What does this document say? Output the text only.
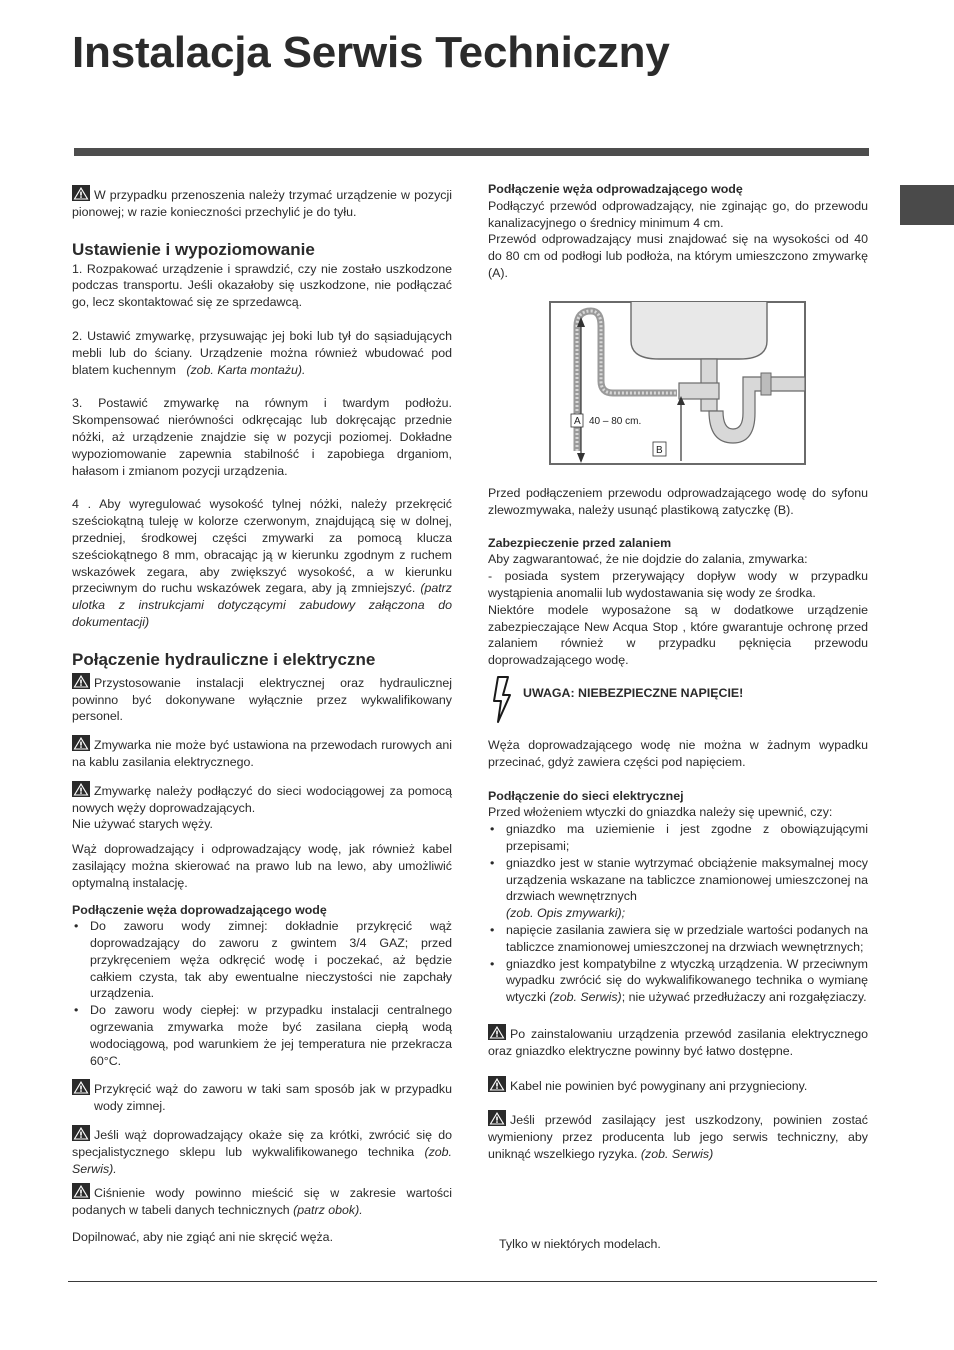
Instalacja Serwis Techniczny

W przypadku przenoszenia należy trzymać urządzenie w pozycji pionowej; w razie konieczności przechylić je do tyłu.

Ustawienie i wypoziomowanie

1. Rozpakować urządzenie i sprawdzić, czy nie zostało uszkodzone podczas transportu. Jeśli okazałoby się uszkodzone, nie podłączać go, lecz skontaktować się ze sprzedawcą.

2. Ustawić zmywarkę, przysuwając jej boki lub tył do sąsiadujących mebli lub do ściany. Urządzenie można również wbudować pod blatem kuchennym (zob. Karta montażu).

3. Postawić zmywarkę na równym i twardym podłożu. Skompensować nierówności odkręcając lub dokręcając przednie nóżki, aż urządzenie znajdzie się w pozycji poziomej. Dokładne wypoziomowanie zapewnia stabilność i zapobiega drganiom, hałasom i zmianom pozycji urządzenia.

4 . Aby wyregulować wysokość tylnej nóżki, należy przekręcić sześciokątną tuleję w kolorze czerwonym, znajdującą się w dolnej, przedniej, środkowej części zmywarki za pomocą klucza sześciokątnego 8 mm, obracając ją w kierunku zgodnym z ruchem wskazówek zegara, aby zwiększyć wysokość, a w kierunku przeciwnym do ruchu wskazówek zegara, aby ją zmniejszyć. (patrz ulotka z instrukcjami dotyczącymi zabudowy załączona do dokumentacji)

Połączenie hydrauliczne i elektryczne

Przystosowanie instalacji elektrycznej oraz hydraulicznej powinno być dokonywane wyłącznie przez wykwalifikowany personel.

Zmywarka nie może być ustawiona na przewodach rurowych ani na kablu zasilania elektrycznego.

Zmywarkę należy podłączyć do sieci wodociągowej za pomocą nowych węży doprowadzających.

Nie używać starych węży.

Wąż doprowadzający i odprowadzający wodę, jak również kabel zasilający można skierować na prawo lub na lewo, aby umożliwić optymalną instalację.

Podłączenie węża doprowadzającego wodę

• Do zaworu wody zimnej: dokładnie przykręcić wąż doprowadzający do zaworu z gwintem 3/4 GAZ; przed przykręceniem węża odkręcić wodę i poczekać, aż będzie całkiem czysta, tak aby ewentualne nieczystości nie zapchały urządzenia.
• Do zaworu wody ciepłej: w przypadku instalacji centralnego ogrzewania zmywarka może być zasilana ciepłą wodą wodociągową, pod warunkiem że jej temperatura nie przekracza 60°C.

Przykręcić wąż do zaworu w taki sam sposób jak w przypadku wody zimnej.

Jeśli wąż doprowadzający okaże się za krótki, zwrócić się do specjalistycznego sklepu lub wykwalifikowanego technika (zob. Serwis).

Ciśnienie wody powinno mieścić się w zakresie wartości podanych w tabeli danych technicznych (patrz obok).

Dopilnować, aby nie zgiąć ani nie skręcić węża.

Podłączenie węża odprowadzającego wodę

Podłączyć przewód odprowadzający, nie zginając go, do przewodu kanalizacyjnego o średnicy minimum 4 cm.

Przewód odprowadzający musi znajdować się na wysokości od 40 do 80 cm od podłogi lub podłoża, na którym umieszczono zmywarkę (A).

A 40 – 80 cm.
B

Przed podłączeniem przewodu odprowadzającego wodę do syfonu zlewozmywaka, należy usunąć plastikową zatyczkę (B).

Zabezpieczenie przed zalaniem

Aby zagwarantować, że nie dojdzie do zalania, zmywarka:

- posiada system przerywający dopływ wody w przypadku wystąpienia anomalii lub wydostawania się wody ze środka.

Niektóre modele wyposażone są w dodatkowe urządzenie zabezpieczające New Acqua Stop , które gwarantuje ochronę przed zalaniem również w przypadku pęknięcia przewodu doprowadzającego wodę.

UWAGA: NIEBEZPIECZNE NAPIĘCIE!

Węża doprowadzającego wodę nie można w żadnym wypadku przecinać, gdyż zawiera części pod napięciem.

Podłączenie do sieci elektrycznej

Przed włożeniem wtyczki do gniazdka należy się upewnić, czy:

• gniazdko ma uziemienie i jest zgodne z obowiązującymi przepisami;
• gniazdko jest w stanie wytrzymać obciążenie maksymalnej mocy urządzenia wskazane na tabliczce znamionowej umieszczonej na drzwiach wewnętrznych
(zob. Opis zmywarki);
• napięcie zasilania zawiera się w przedziale wartości podanych na tabliczce znamionowej umieszczonej na drzwiach wewnętrznych;
• gniazdko jest kompatybilne z wtyczką urządzenia. W przeciwnym wypadku zwrócić się do wykwalifikowanego technika o wymianę wtyczki (zob. Serwis); nie używać przedłużaczy ani rozgałęziaczy.

Po zainstalowaniu urządzenia przewód zasilania elektrycznego oraz gniazdko elektryczne powinny być łatwo dostępne.

Kabel nie powinien być powyginany ani przygnieciony.

Jeśli przewód zasilający jest uszkodzony, powinien zostać wymieniony przez producenta lub jego serwis techniczny, aby uniknąć wszelkiego ryzyka. (zob. Serwis)

Tylko w niektórych modelach.
